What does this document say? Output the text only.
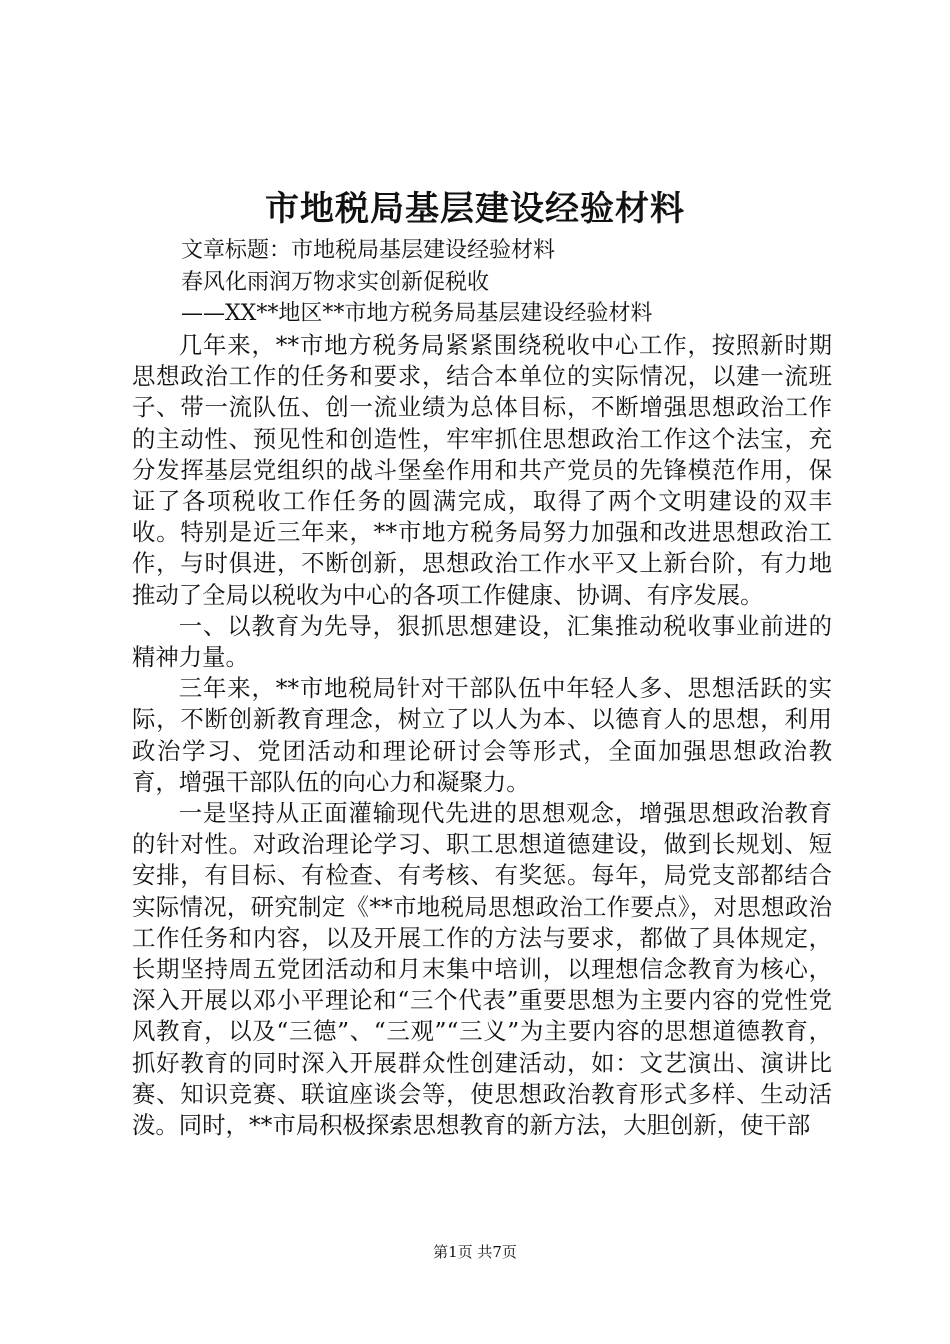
市地税局基层建设经验材料
文章标题：市地税局基层建设经验材料
春风化雨润万物求实创新促税收
——XX**地区**市地方税务局基层建设经验材料

几年来，**市地方税务局紧紧围绕税收中心工作，按照新时期思想政治工作的任务和要求，结合本单位的实际情况，以建一流班子、带一流队伍、创一流业绩为总体目标，不断增强思想政治工作的主动性、预见性和创造性，牢牢抓住思想政治工作这个法宝，充分发挥基层党组织的战斗堡垒作用和共产党员的先锋模范作用，保证了各项税收工作任务的圆满完成，取得了两个文明建设的双丰收。特别是近三年来，**市地方税务局努力加强和改进思想政治工作，与时俱进，不断创新，思想政治工作水平又上新台阶，有力地推动了全局以税收为中心的各项工作健康、协调、有序发展。

一、以教育为先导，狠抓思想建设，汇集推动税收事业前进的精神力量。

三年来，**市地税局针对干部队伍中年轻人多、思想活跃的实际，不断创新教育理念，树立了以人为本、以德育人的思想，利用政治学习、党团活动和理论研讨会等形式，全面加强思想政治教育，增强干部队伍的向心力和凝聚力。

一是坚持从正面灌输现代先进的思想观念，增强思想政治教育的针对性。对政治理论学习、职工思想道德建设，做到长规划、短安排，有目标、有检查、有考核、有奖惩。每年，局党支部都结合实际情况，研究制定《**市地税局思想政治工作要点》，对思想政治工作任务和内容，以及开展工作的方法与要求，都做了具体规定，长期坚持周五党团活动和月末集中培训，以理想信念教育为核心，深入开展以邓小平理论和“三个代表”重要思想为主要内容的党性党风教育，以及“三德”、“三观”“三义”为主要内容的思想道德教育，抓好教育的同时深入开展群众性创建活动，如：文艺演出、演讲比赛、知识竞赛、联谊座谈会等，使思想政治教育形式多样、生动活泼。同时，**市局积极探索思想教育的新方法，大胆创新，使干部

第1页 共7页
